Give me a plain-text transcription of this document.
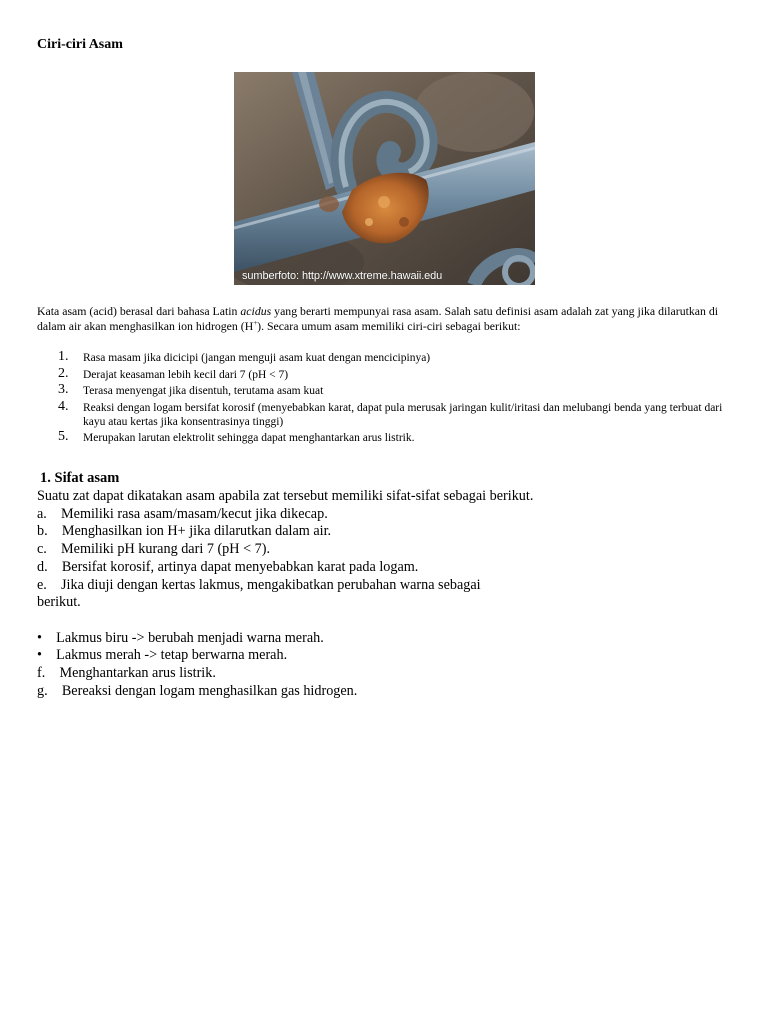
Ciri-ciri Asam
sumberfoto: http://www.xtreme.hawaii.edu

Kata asam (acid) berasal dari bahasa Latin acidus yang berarti mempunyai rasa asam. Salah satu definisi asam adalah zat yang jika dilarutkan di dalam air akan menghasilkan ion hidrogen (H+). Secara umum asam memiliki ciri-ciri sebagai berikut:

1. Rasa masam jika dicicipi (jangan menguji asam kuat dengan mencicipinya)
2. Derajat keasaman lebih kecil dari 7 (pH < 7)
3. Terasa menyengat jika disentuh, terutama asam kuat
4. Reaksi dengan logam bersifat korosif (menyebabkan karat, dapat pula merusak jaringan kulit/iritasi dan melubangi benda yang terbuat dari kayu atau kertas jika konsentrasinya tinggi)
5. Merupakan larutan elektrolit sehingga dapat menghantarkan arus listrik.
1. Sifat asam
Suatu zat dapat dikatakan asam apabila zat tersebut memiliki sifat-sifat sebagai berikut.
a.    Memiliki rasa asam/masam/kecut jika dikecap.
b.    Menghasilkan ion H+ jika dilarutkan dalam air.
c.    Memiliki pH kurang dari 7 (pH < 7).
d.    Bersifat korosif, artinya dapat menyebabkan karat pada logam.
e.    Jika diuji dengan kertas lakmus, mengakibatkan perubahan warna sebagai
berikut.

•    Lakmus biru -> berubah menjadi warna merah.
•    Lakmus merah -> tetap berwarna merah.
f.    Menghantarkan arus listrik.
g.    Bereaksi dengan logam menghasilkan gas hidrogen.
